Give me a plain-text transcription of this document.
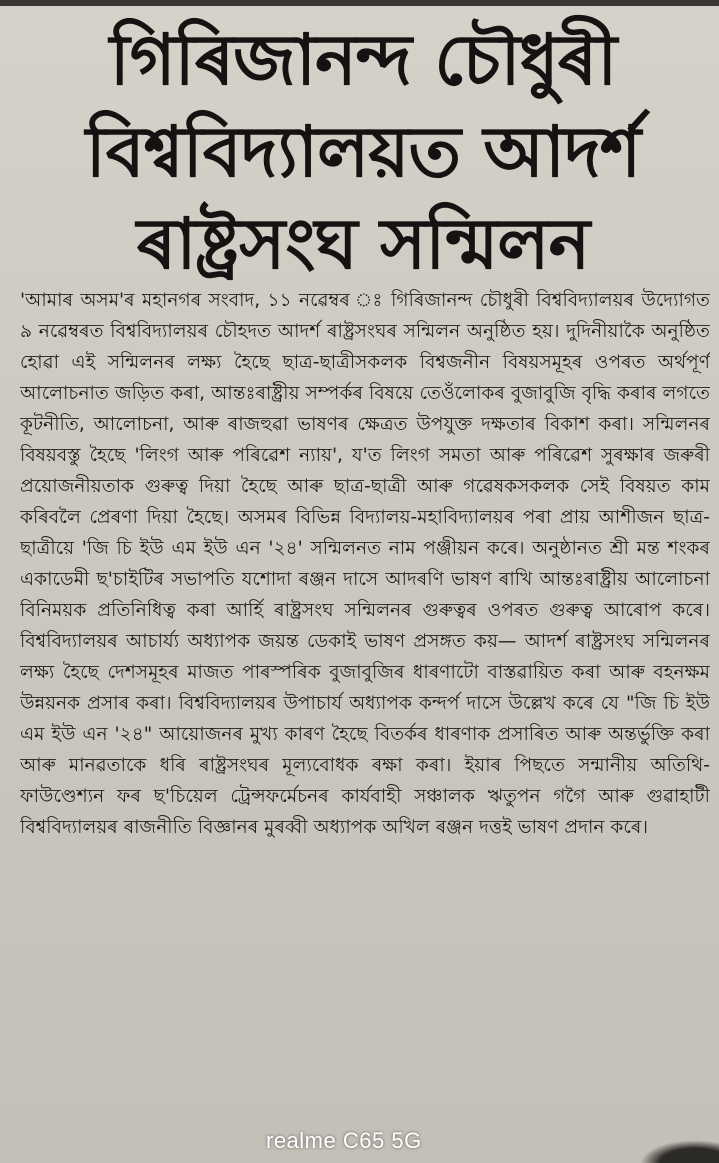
গিৰিজানন্দ চৌধুৰী
বিশ্ববিদ্যালয়ত আদৰ্শ
ৰাষ্ট্ৰসংঘ সন্মিলন

'আমাৰ অসম'ৰ মহানগৰ সংবাদ, ১১ নৱেম্বৰ ঃ গিৰিজানন্দ চৌধুৰী বিশ্ববিদ্যালয়ৰ উদ্যোগত ৯ নৱেম্বৰত বিশ্ববিদ্যালয়ৰ চৌহদত আদৰ্শ ৰাষ্ট্ৰসংঘৰ সন্মিলন অনুষ্ঠিত হয়। দুদিনীয়াকৈ অনুষ্ঠিত হোৱা এই সন্মিলনৰ লক্ষ্য হৈছে ছাত্ৰ-ছাত্ৰীসকলক বিশ্বজনীন বিষয়সমূহৰ ওপৰত অৰ্থপূৰ্ণ আলোচনাত জড়িত কৰা, আন্তঃৰাষ্ট্ৰীয় সম্পৰ্কৰ বিষয়ে তেওঁলোকৰ বুজাবুজি বৃদ্ধি কৰাৰ লগতে কূটনীতি, আলোচনা, আৰু ৰাজহুৱা ভাষণৰ ক্ষেত্ৰত উপযুক্ত দক্ষতাৰ বিকাশ কৰা। সন্মিলনৰ বিষয়বস্তু হৈছে 'লিংগ আৰু পৰিৱেশ ন্যায়', য'ত লিংগ সমতা আৰু পৰিৱেশ সুৰক্ষাৰ জৰুৰী প্ৰয়োজনীয়তাক গুৰুত্ব দিয়া হৈছে আৰু ছাত্ৰ-ছাত্ৰী আৰু গৱেষকসকলক সেই বিষয়ত কাম কৰিবলৈ প্ৰেৰণা দিয়া হৈছে। অসমৰ বিভিন্ন বিদ্যালয়-মহাবিদ্যালয়ৰ পৰা প্ৰায় আশীজন ছাত্ৰ-ছাত্ৰীয়ে 'জি চি ইউ এম ইউ এন '২৪' সন্মিলনত নাম পঞ্জীয়ন কৰে। অনুষ্ঠানত শ্ৰী মন্ত শংকৰ একাডেমী ছ'চাইটিৰ সভাপতি যশোদা ৰঞ্জন দাসে আদৰণি ভাষণ ৰাখি আন্তঃৰাষ্ট্ৰীয় আলোচনা বিনিময়ক প্ৰতিনিধিত্ব কৰা আৰ্হি ৰাষ্ট্ৰসংঘ সন্মিলনৰ গুৰুত্বৰ ওপৰত গুৰুত্ব আৰোপ কৰে। বিশ্ববিদ্যালয়ৰ আচাৰ্য্য অধ্যাপক জয়ন্ত ডেকাই ভাষণ প্ৰসঙ্গত কয়— আদৰ্শ ৰাষ্ট্ৰসংঘ সন্মিলনৰ লক্ষ্য হৈছে দেশসমূহৰ মাজত পাৰস্পৰিক বুজাবুজিৰ ধাৰণাটো বাস্তৱায়িত কৰা আৰু বহনক্ষম উন্নয়নক প্ৰসাৰ কৰা। বিশ্ববিদ্যালয়ৰ উপাচাৰ্য অধ্যাপক কন্দৰ্প দাসে উল্লেখ কৰে যে "জি চি ইউ এম ইউ এন '২৪" আয়োজনৰ মুখ্য কাৰণ হৈছে বিতৰ্কৰ ধাৰণাক প্ৰসাৰিত আৰু অন্তৰ্ভুক্তি কৰা আৰু মানৱতাকে ধৰি ৰাষ্ট্ৰসংঘৰ মূল্যবোধক ৰক্ষা কৰা। ইয়াৰ পিছতে সন্মানীয় অতিথি-ফাউণ্ডেশ্যন ফৰ ছ'চিয়েল ট্ৰেন্সফৰ্মেচনৰ কাৰ্যবাহী সঞ্চালক ঋতুপন গগৈ আৰু গুৱাহাটী বিশ্ববিদ্যালয়ৰ ৰাজনীতি বিজ্ঞানৰ মুৰব্বী অধ্যাপক অখিল ৰঞ্জন দত্তই ভাষণ প্ৰদান কৰে।

realme C65 5G
